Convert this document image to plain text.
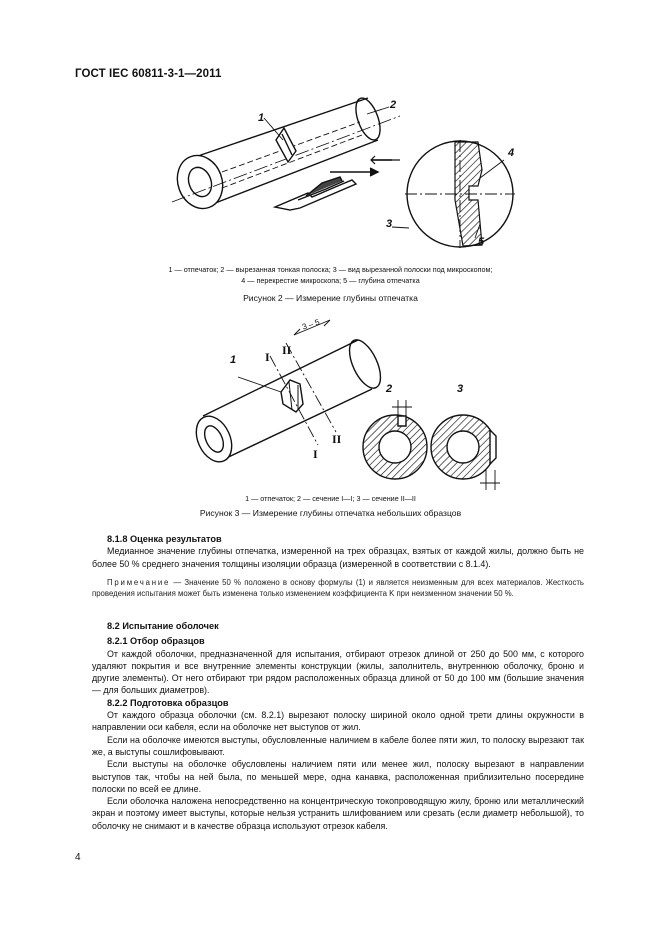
ГОСТ IEC 60811-3-1—2011
1
2
3
4
5
1 — отпечаток; 2 — вырезанная тонкая полоска; 3 — вид вырезанной полоски под микроскопом;
4 — перекрестие микроскопа; 5 — глубина отпечатка
Рисунок 2 — Измерение глубины отпечатка
I II
3 – 5
1
I
II
2	3
1 — отпечаток; 2 — сечение I—I; 3 — сечение II—II
Рисунок 3 — Измерение глубины отпечатка небольших образцов
8.1.8 Оценка результатов

Медианное значение глубины отпечатка, измеренной на трех образцах, взятых от каждой жилы, должно быть не более 50 % среднего значения толщины изоляции образца (измеренной в соответствии с 8.1.4).

Примечание — Значение 50 % положено в основу формулы (1) и является неизменным для всех материалов. Жесткость проведения испытания может быть изменена только изменением коэффициента K при неизменном значении 50 %.

8.2 Испытание оболочек
8.2.1 Отбор образцов

От каждой оболочки, предназначенной для испытания, отбирают отрезок длиной от 250 до 500 мм, с которого удаляют покрытия и все внутренние элементы конструкции (жилы, заполнитель, внутреннюю оболочку, броню и другие элементы). От него отбирают три рядом расположенных образца длиной от 50 до 100 мм (большие значения — для больших диаметров).

8.2.2 Подготовка образцов

От каждого образца оболочки (см. 8.2.1) вырезают полоску шириной около одной трети длины окружности в направлении оси кабеля, если на оболочке нет выступов от жил.

Если на оболочке имеются выступы, обусловленные наличием в кабеле более пяти жил, то полоску вырезают так же, а выступы сошлифовывают.

Если выступы на оболочке обусловлены наличием пяти или менее жил, полоску вырезают в направлении выступов так, чтобы на ней была, по меньшей мере, одна канавка, расположенная приблизительно посередине полоски по всей ее длине.

Если оболочка наложена непосредственно на концентрическую токопроводящую жилу, броню или металлический экран и поэтому имеет выступы, которые нельзя устранить шлифованием или срезать (если диаметр небольшой), то оболочку не снимают и в качестве образца используют отрезок кабеля.

4
